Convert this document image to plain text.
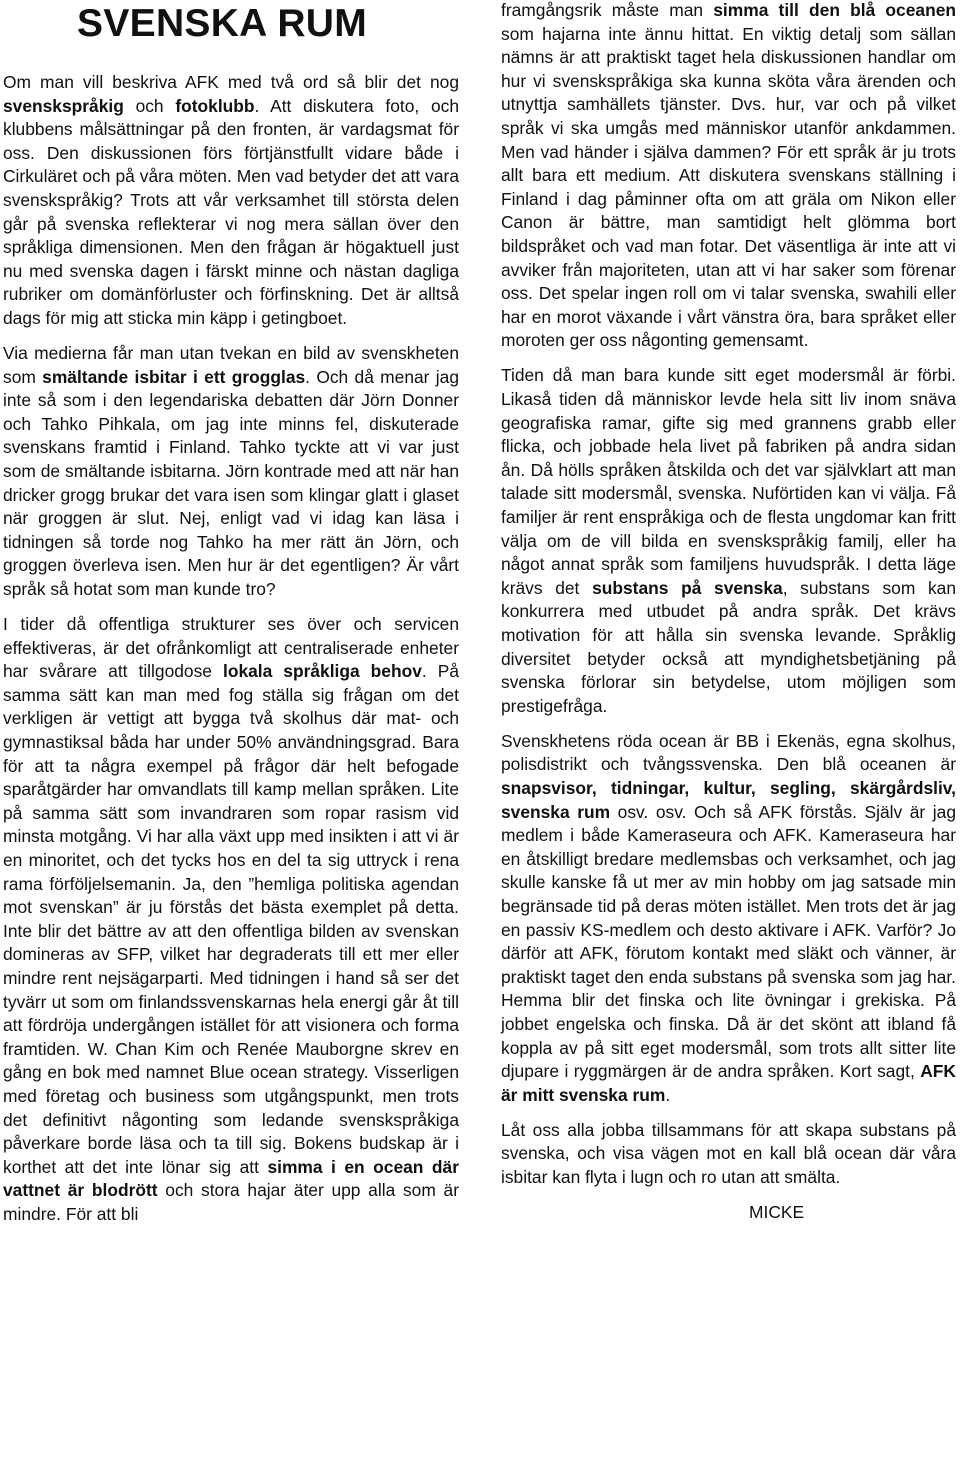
SVENSKA RUM

Om man vill beskriva AFK med två ord så blir det nog svenskspråkig och fotoklubb. Att diskutera foto, och klubbens målsättningar på den fronten, är vardagsmat för oss. Den diskussionen förs förtjänstfullt vidare både i Cirkuläret och på våra möten. Men vad betyder det att vara svenskspråkig? Trots att vår verksamhet till största delen går på svenska reflekterar vi nog mera sällan över den språkliga dimensionen. Men den frågan är högaktuell just nu med svenska dagen i färskt minne och nästan dagliga rubriker om domänförluster och förfinskning. Det är alltså dags för mig att sticka min käpp i getingboet.

Via medierna får man utan tvekan en bild av svenskheten som smältande isbitar i ett grogglas. Och då menar jag inte så som i den legendariska debatten där Jörn Donner och Tahko Pihkala, om jag inte minns fel, diskuterade svenskans framtid i Finland. Tahko tyckte att vi var just som de smältande isbitarna. Jörn kontrade med att när han dricker grogg brukar det vara isen som klingar glatt i glaset när groggen är slut. Nej, enligt vad vi idag kan läsa i tidningen så torde nog Tahko ha mer rätt än Jörn, och groggen överleva isen. Men hur är det egentligen? Är vårt språk så hotat som man kunde tro?

I tider då offentliga strukturer ses över och servicen effektiveras, är det ofrånkomligt att centraliserade enheter har svårare att tillgodose lokala språkliga behov. På samma sätt kan man med fog ställa sig frågan om det verkligen är vettigt att bygga två skolhus där mat- och gymnastiksal båda har under 50% användningsgrad. Bara för att ta några exempel på frågor där helt befogade sparåtgärder har omvandlats till kamp mellan språken. Lite på samma sätt som invandraren som ropar rasism vid minsta motgång. Vi har alla växt upp med insikten i att vi är en minoritet, och det tycks hos en del ta sig uttryck i rena rama förföljelsemanin. Ja, den ”hemliga politiska agendan mot svenskan” är ju förstås det bästa exemplet på detta. Inte blir det bättre av att den offentliga bilden av svenskan domineras av SFP, vilket har degraderats till ett mer eller mindre rent nejsägarparti. Med tidningen i hand så ser det tyvärr ut som om finlandssvenskarnas hela energi går åt till att fördröja undergången istället för att visionera och forma framtiden. W. Chan Kim och Renée Mauborgne skrev en gång en bok med namnet Blue ocean strategy. Visserligen med företag och business som utgångspunkt, men trots det definitivt någonting som ledande svenskspråkiga påverkare borde läsa och ta till sig. Bokens budskap är i korthet att det inte lönar sig att simma i en ocean där vattnet är blodrött och stora hajar äter upp alla som är mindre. För att bli

framgångsrik måste man simma till den blå oceanen som hajarna inte ännu hittat. En viktig detalj som sällan nämns är att praktiskt taget hela diskussionen handlar om hur vi svenskspråkiga ska kunna sköta våra ärenden och utnyttja samhällets tjänster. Dvs. hur, var och på vilket språk vi ska umgås med människor utanför ankdammen. Men vad händer i själva dammen? För ett språk är ju trots allt bara ett medium. Att diskutera svenskans ställning i Finland i dag påminner ofta om att gräla om Nikon eller Canon är bättre, man samtidigt helt glömma bort bildspråket och vad man fotar. Det väsentliga är inte att vi avviker från majoriteten, utan att vi har saker som förenar oss. Det spelar ingen roll om vi talar svenska, swahili eller har en morot växande i vårt vänstra öra, bara språket eller moroten ger oss någonting gemensamt.

Tiden då man bara kunde sitt eget modersmål är förbi. Likaså tiden då människor levde hela sitt liv inom snäva geografiska ramar, gifte sig med grannens grabb eller flicka, och jobbade hela livet på fabriken på andra sidan ån. Då hölls språken åtskilda och det var självklart att man talade sitt modersmål, svenska. Nuförtiden kan vi välja. Få familjer är rent enspråkiga och de flesta ungdomar kan fritt välja om de vill bilda en svenskspråkig familj, eller ha något annat språk som familjens huvudspråk. I detta läge krävs det substans på svenska, substans som kan konkurrera med utbudet på andra språk. Det krävs motivation för att hålla sin svenska levande. Språklig diversitet betyder också att myndighetsbetjäning på svenska förlorar sin betydelse, utom möjligen som prestigefråga.

Svenskhetens röda ocean är BB i Ekenäs, egna skolhus, polisdistrikt och tvångssvenska. Den blå oceanen är snapsvisor, tidningar, kultur, segling, skärgårdsliv, svenska rum osv. osv. Och så AFK förstås. Själv är jag medlem i både Kameraseura och AFK. Kameraseura har en åtskilligt bredare medlemsbas och verksamhet, och jag skulle kanske få ut mer av min hobby om jag satsade min begränsade tid på deras möten istället. Men trots det är jag en passiv KS-medlem och desto aktivare i AFK. Varför? Jo därför att AFK, förutom kontakt med släkt och vänner, är praktiskt taget den enda substans på svenska som jag har. Hemma blir det finska och lite övningar i grekiska. På jobbet engelska och finska. Då är det skönt att ibland få koppla av på sitt eget modersmål, som trots allt sitter lite djupare i ryggmärgen är de andra språken. Kort sagt, AFK är mitt svenska rum.

Låt oss alla jobba tillsammans för att skapa substans på svenska, och visa vägen mot en kall blå ocean där våra isbitar kan flyta i lugn och ro utan att smälta.

MICKE
